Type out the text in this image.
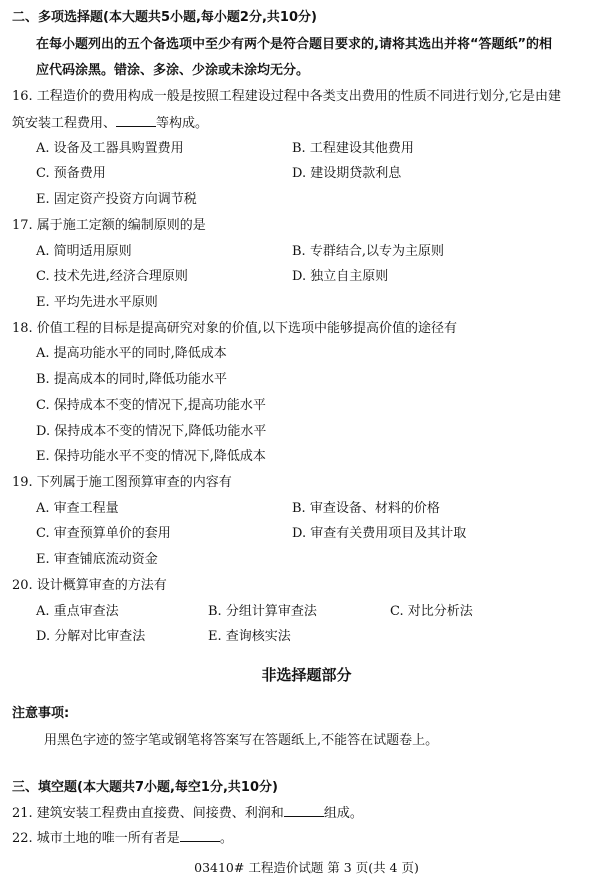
二、多项选择题(本大题共5小题,每小题2分,共10分)
在每小题列出的五个备选项中至少有两个是符合题目要求的,请将其选出并将“答题纸”的相
应代码涂黑。错涂、多涂、少涂或未涂均无分。
16. 工程造价的费用构成一般是按照工程建设过程中各类支出费用的性质不同进行划分,它是由建
筑安装工程费用、	等构成。
A. 设备及工器具购置费用	B. 工程建设其他费用
C. 预备费用	D. 建设期贷款利息
E. 固定资产投资方向调节税
17. 属于施工定额的编制原则的是
A. 简明适用原则	B. 专群结合,以专为主原则
C. 技术先进,经济合理原则	D. 独立自主原则
E. 平均先进水平原则
18. 价值工程的目标是提高研究对象的价值,以下选项中能够提高价值的途径有
A. 提高功能水平的同时,降低成本
B. 提高成本的同时,降低功能水平
C. 保持成本不变的情况下,提高功能水平
D. 保持成本不变的情况下,降低功能水平
E. 保持功能水平不变的情况下,降低成本
19. 下列属于施工图预算审查的内容有
A. 审查工程量	B. 审查设备、材料的价格
C. 审查预算单价的套用	D. 审查有关费用项目及其计取
E. 审查铺底流动资金
20. 设计概算审查的方法有
A. 重点审查法	B. 分组计算审查法	C. 对比分析法
D. 分解对比审查法	E. 查询核实法
非选择题部分
注意事项:
用黑色字迹的签字笔或钢笔将答案写在答题纸上,不能答在试题卷上。
三、填空题(本大题共7小题,每空1分,共10分)
21. 建筑安装工程费由直接费、间接费、利润和	组成。
22. 城市土地的唯一所有者是	。
03410# 工程造价试题 第 3 页(共 4 页)
